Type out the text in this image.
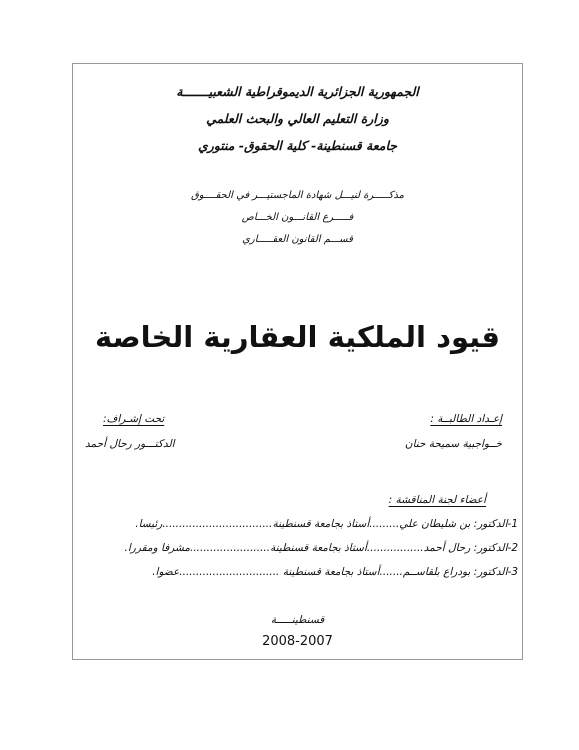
الجمهورية الجزائرية الديموقراطية الشعبيـــــــة
وزارة التعليم العالي والبحث العلمي
جامعة قسنطينة- كلية الحقوق- منتوري
مذكـــــرة لنيـــل شهادة الماجستيـــر في الحقــــوق
فـــــرع القانـــون الخـــاص
قســـم القانون العقـــــاري
قيود الملكية العقارية الخاصة
إعـداد الطالبــة :
خــواجبية سميحة حنان
تحت إشـراف:
الدكتـــور رحال أحمد
أعضاء لجنة المناقشة :
1-الدكتور: بن شليطان علي.........أستاذ بجامعة قسنطينة.................................رئيسا.
2-الدكتور: رحال أحمد.................أستاذ بجامعة قسنطينة........................مشرفا ومقررا.
3-الدكتور: بودراع بلقاســم.......أستاذ بجامعة قسنطينة ..............................عضوا.
قسنطينـــــة
2008-2007
